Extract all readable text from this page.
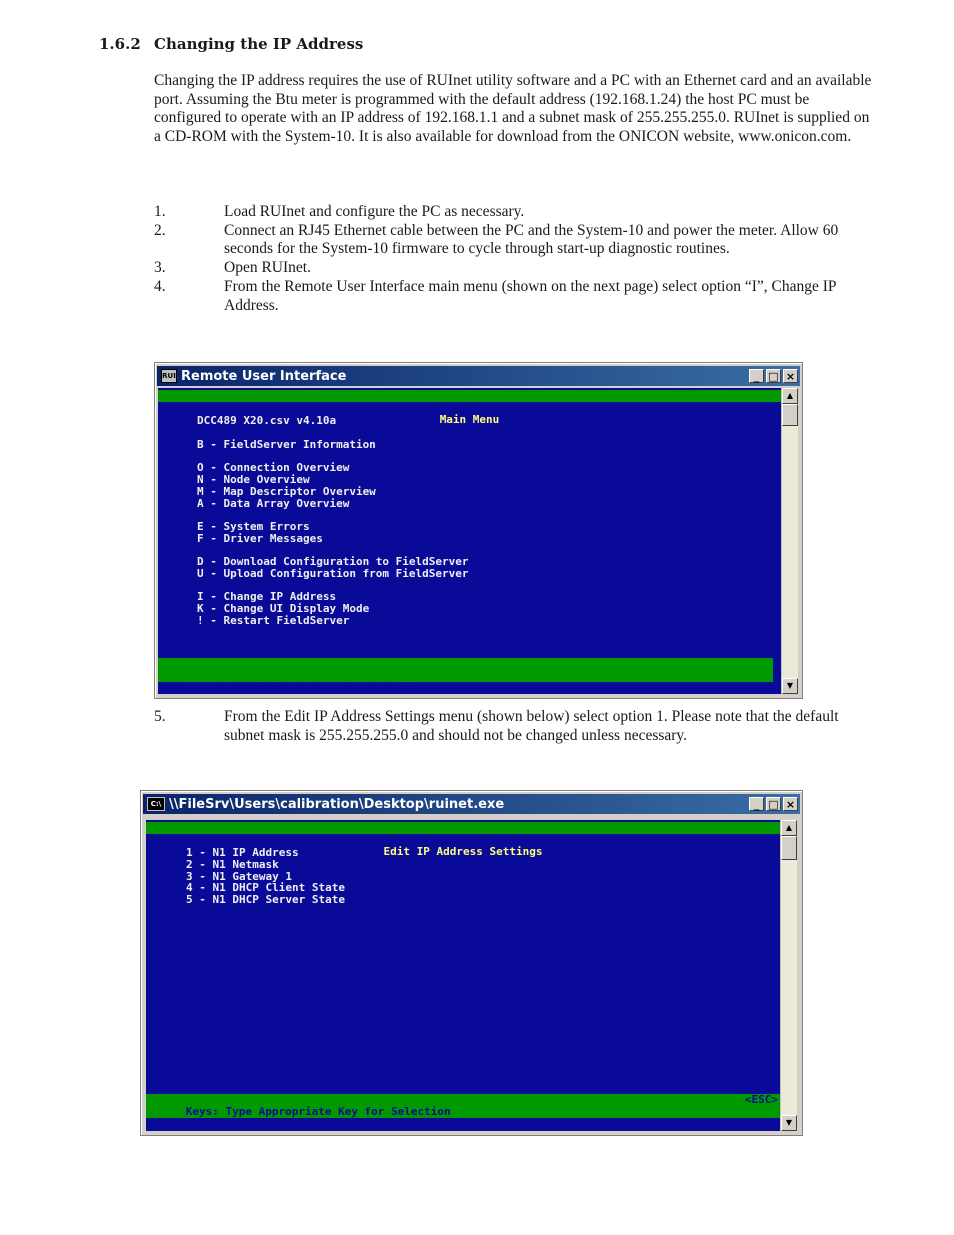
1.6.2 Changing the IP Address
Changing the IP address requires the use of RUInet utility software and a PC with an Ethernet card and an available port. Assuming the Btu meter is programmed with the default address (192.168.1.24) the host PC must be configured to operate with an IP address of 192.168.1.1 and a subnet mask of 255.255.255.0. RUInet is supplied on a CD-ROM with the System-10. It is also available for download from the ONICON website, www.onicon.com.
1.	Load RUInet and configure the PC as necessary.
2.	Connect an RJ45 Ethernet cable between the PC and the System-10 and power the meter. Allow 60 seconds for the System-10 firmware to cycle through start-up diagnostic routines.
3.	Open RUInet.
4.	From the Remote User Interface main menu (shown on the next page) select option “I”, Change IP Address.
RUI Remote User Interface	_ □ ×

Main Menu

DCC489 X20.csv v4.10a
B - FieldServer Information
O - Connection Overview
N - Node Overview
M - Map Descriptor Overview
A - Data Array Overview
E - System Errors
F - Driver Messages
D - Download Configuration to FieldServer
U - Upload Configuration from FieldServer
I - Change IP Address
K - Change UI Display Mode
! - Restart FieldServer

Keys: Type Appropriate Key for Selection

▲
▼
5.	From the Edit IP Address Settings menu (shown below) select option 1. Please note that the default subnet mask is 255.255.255.0 and should not be changed unless necessary.
C:\ \\FileSrv\Users\calibration\Desktop\ruinet.exe	_ □ ×

Edit IP Address Settings

1 - N1 IP Address
2 - N1 Netmask
3 - N1 Gateway 1
4 - N1 DHCP Client State
5 - N1 DHCP Server State

Keys: Type Appropriate Key for Selection

<ESC>

▲
▼
